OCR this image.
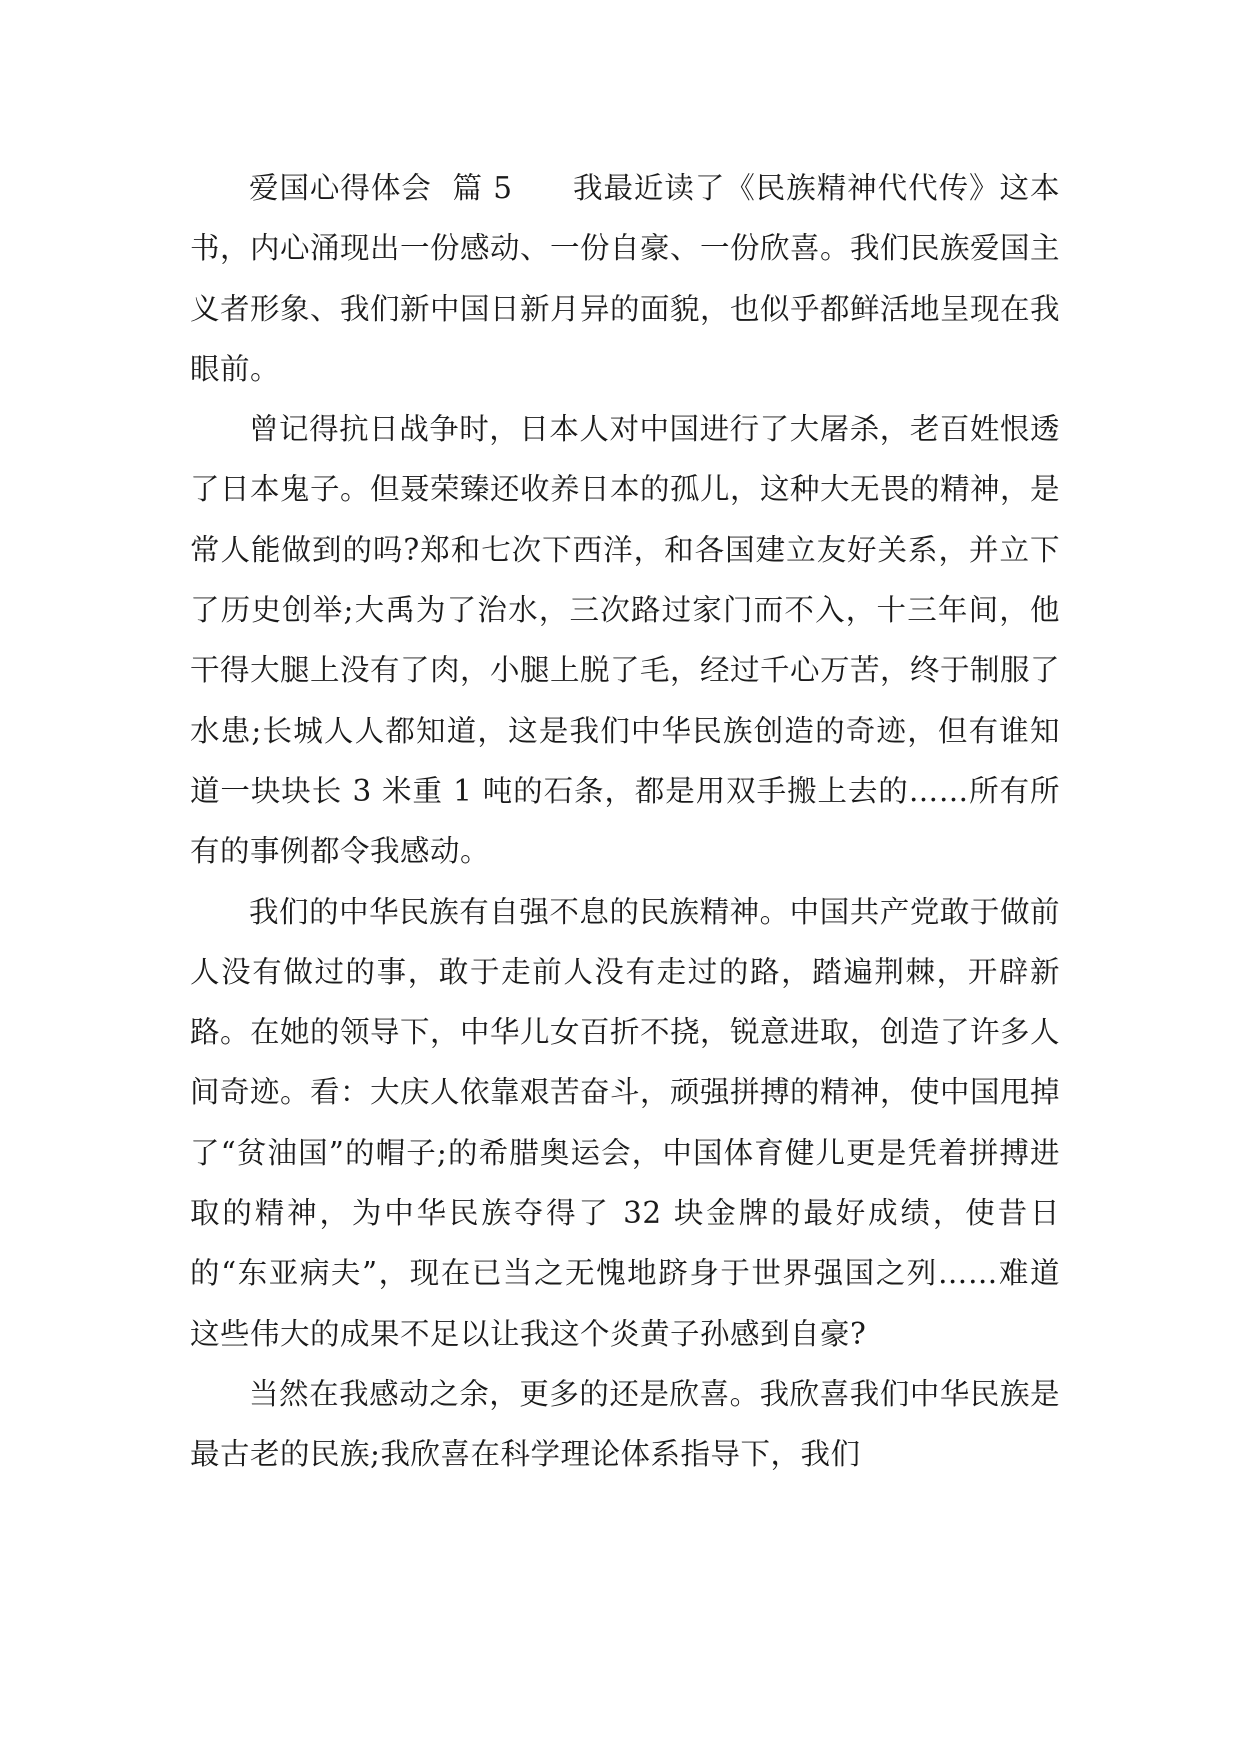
爱国心得体会 篇 5 我最近读了《民族精神代代传》这本书，内心涌现出一份感动、一份自豪、一份欣喜。我们民族爱国主义者形象、我们新中国日新月异的面貌，也似乎都鲜活地呈现在我眼前。

曾记得抗日战争时，日本人对中国进行了大屠杀，老百姓恨透了日本鬼子。但聂荣臻还收养日本的孤儿，这种大无畏的精神，是常人能做到的吗?郑和七次下西洋，和各国建立友好关系，并立下了历史创举;大禹为了治水，三次路过家门而不入，十三年间，他干得大腿上没有了肉，小腿上脱了毛，经过千心万苦，终于制服了水患;长城人人都知道，这是我们中华民族创造的奇迹，但有谁知道一块块长 3 米重 1 吨的石条，都是用双手搬上去的……所有所有的事例都令我感动。

我们的中华民族有自强不息的民族精神。中国共产党敢于做前人没有做过的事，敢于走前人没有走过的路，踏遍荆棘，开辟新路。在她的领导下，中华儿女百折不挠，锐意进取，创造了许多人间奇迹。看：大庆人依靠艰苦奋斗，顽强拼搏的精神，使中国甩掉了“贫油国”的帽子;的希腊奥运会，中国体育健儿更是凭着拼搏进取的精神，为中华民族夺得了 32 块金牌的最好成绩，使昔日的“东亚病夫”，现在已当之无愧地跻身于世界强国之列……难道这些伟大的成果不足以让我这个炎黄子孙感到自豪?

当然在我感动之余，更多的还是欣喜。我欣喜我们中华民族是最古老的民族;我欣喜在科学理论体系指导下，我们
